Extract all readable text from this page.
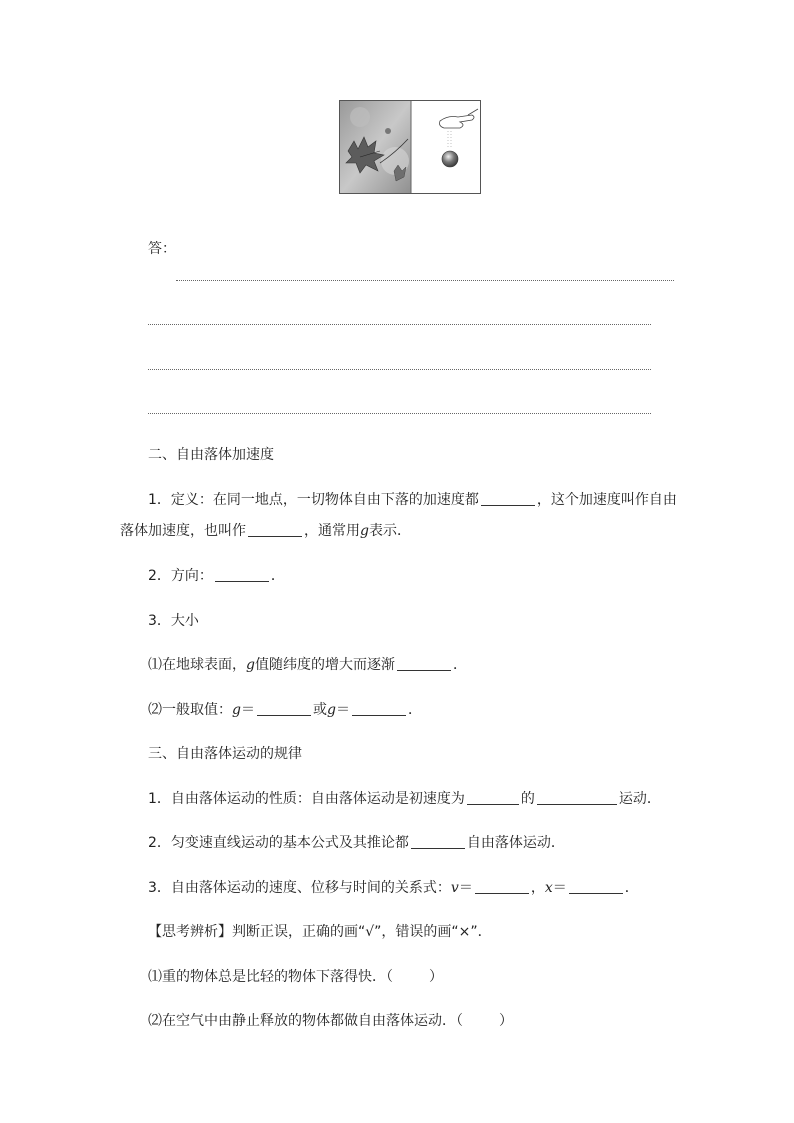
答：
二、自由落体加速度
1．定义：在同一地点，一切物体自由下落的加速度都	，这个加速度叫作自由
落体加速度，也叫作	，通常用g表示．
2．方向：	．
3．大小
⑴在地球表面，g值随纬度的增大而逐渐	．
⑵一般取值：g＝	或g＝	．
三、自由落体运动的规律
1．自由落体运动的性质：自由落体运动是初速度为	的	运动．
2．匀变速直线运动的基本公式及其推论都	自由落体运动．
3．自由落体运动的速度、位移与时间的关系式：v＝	，x＝	．
【思考辨析】判断正误，正确的画“√”，错误的画“×”．
⑴重的物体总是比轻的物体下落得快．（	）
⑵在空气中由静止释放的物体都做自由落体运动．（	）
